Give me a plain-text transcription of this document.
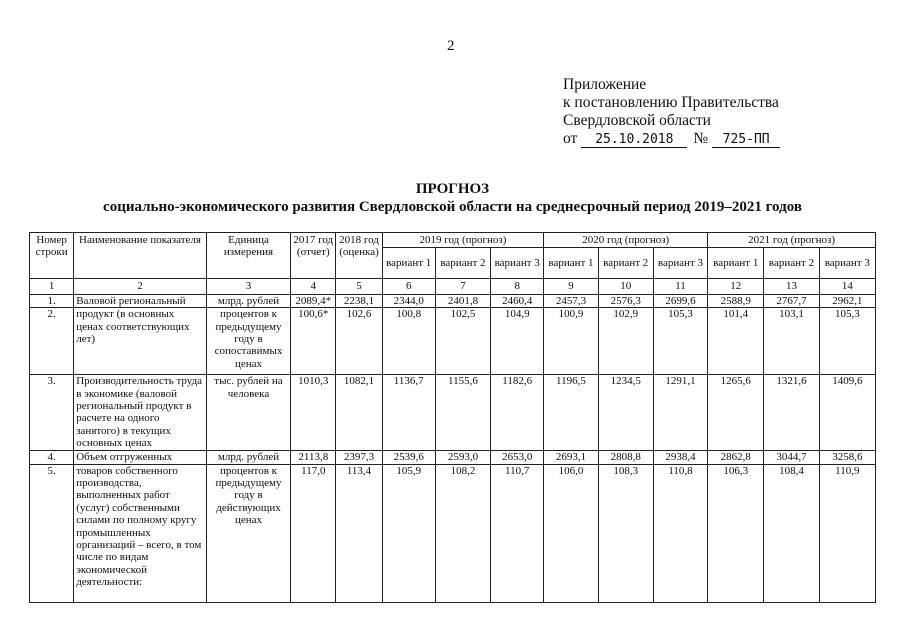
2
Приложение
к постановлению Правительства
Свердловской области
от	25.10.2018	№	725-ПП
ПРОГНОЗ
социально-экономического развития Свердловской области на среднесрочный период 2019–2021 годов
Номер строки	Наименование показателя	Единица измерения	2017 год (отчет)	2018 год (оценка)	2019 год (прогноз)			2020 год (прогноз)			2021 год (прогноз)		
					вариант 1	вариант 2	вариант 3	вариант 1	вариант 2	вариант 3	вариант 1	вариант 2	вариант 3
1	2	3	4	5	6	7	8	9	10	11	12	13	14
1.	Валовой региональный	млрд. рублей	2089,4*	2238,1	2344,0	2401,8	2460,4	2457,3	2576,3	2699,6	2588,9	2767,7	2962,1
2.	продукт (в основных ценах соответствующих лет)	процентов к предыдущему году в сопоставимых ценах	100,6*	102,6	100,8	102,5	104,9	100,9	102,9	105,3	101,4	103,1	105,3
3.	Производительность труда в экономике (валовой региональный продукт в расчете на одного занятого) в текущих основных ценах	тыс. рублей на человека	1010,3	1082,1	1136,7	1155,6	1182,6	1196,5	1234,5	1291,1	1265,6	1321,6	1409,6
4.	Объем отгруженных	млрд. рублей	2113,8	2397,3	2539,6	2593,0	2653,0	2693,1	2808,8	2938,4	2862,8	3044,7	3258,6
5.	товаров собственного производства, выполненных работ (услуг) собственными силами по полному кругу промышленных организаций – всего, в том числе по видам экономической деятельности:	процентов к предыдущему году в действующих ценах	117,0	113,4	105,9	108,2	110,7	106,0	108,3	110,8	106,3	108,4	110,9
